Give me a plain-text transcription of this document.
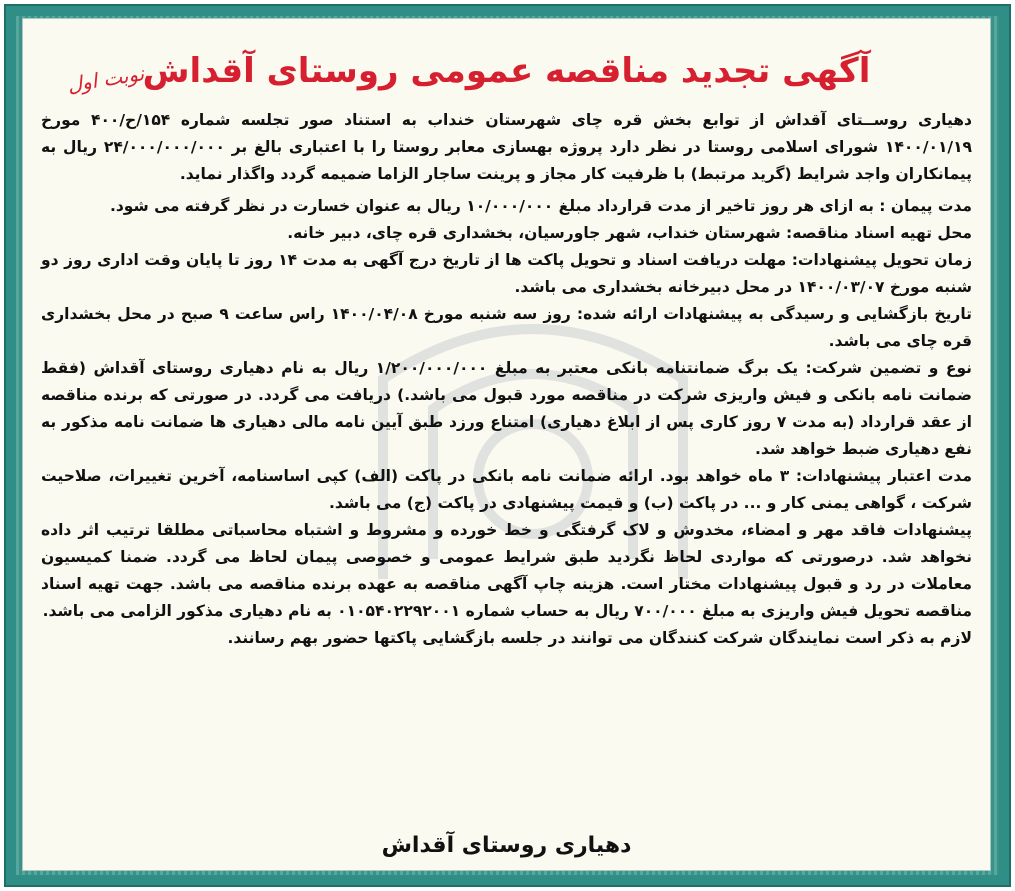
آگهی تجدید مناقصه عمومی روستای آقداش
نوبت اول

دهیاری روســتای آقداش از توابع بخش قره چای شهرستان خنداب به استناد صور تجلسه شماره ۱۵۴/ح/۴۰۰ مورخ ۱۴۰۰/۰۱/۱۹ شورای اسلامی روستا در نظر دارد پروژه بهسازی معابر روستا را با اعتباری بالغ بر ۲۴/۰۰۰/۰۰۰/۰۰۰ ریال به پیمانکاران واجد شرایط (گرید مرتبط) با ظرفیت کار مجاز و پرینت ساجار الزاما ضمیمه گردد واگذار نماید.

مدت پیمان : به ازای هر روز تاخیر از مدت قرارداد مبلغ ۱۰/۰۰۰/۰۰۰ ریال به عنوان خسارت در نظر گرفته می شود.

محل تهیه اسناد مناقصه: شهرستان خنداب، شهر جاورسیان، بخشداری قره چای، دبیر خانه.

زمان تحویل پیشنهادات: مهلت دریافت اسناد و تحویل پاکت ها از تاریخ درج آگهی به مدت ۱۴ روز تا پایان وقت اداری روز دو شنبه مورخ ۱۴۰۰/۰۳/۰۷ در محل دبیرخانه بخشداری می باشد.

تاریخ بازگشایی و رسیدگی به پیشنهادات ارائه شده: روز سه شنبه مورخ ۱۴۰۰/۰۴/۰۸ راس ساعت ۹ صبح در محل بخشداری قره چای می باشد.

نوع و تضمین شرکت: یک برگ ضمانتنامه بانکی معتبر به مبلغ ۱/۲۰۰/۰۰۰/۰۰۰ ریال به نام دهیاری روستای آقداش (فقط ضمانت نامه بانکی و فیش واریزی شرکت در مناقصه مورد قبول می باشد.) دریافت می گردد. در صورتی که برنده مناقصه از عقد قرارداد (به مدت ۷ روز کاری پس از ابلاغ دهیاری) امتناع ورزد طبق آیین نامه مالی دهیاری ها ضمانت نامه مذکور به نفع دهیاری ضبط خواهد شد.

مدت اعتبار پیشنهادات: ۳ ماه خواهد بود. ارائه ضمانت نامه بانکی در پاکت (الف) کپی اساسنامه، آخرین تغییرات، صلاحیت شرکت ، گواهی یمنی کار و ... در پاکت (ب) و قیمت پیشنهادی در پاکت (ج) می باشد.

پیشنهادات فاقد مهر و امضاء، مخدوش و لاک گرفتگی و خط خورده و مشروط و اشتباه محاسباتی مطلقا ترتیب اثر داده نخواهد شد. درصورتی که مواردی لحاظ نگردید طبق شرایط عمومی و خصوصی پیمان لحاظ می گردد. ضمنا کمیسیون معاملات در رد و قبول پیشنهادات مختار است. هزینه چاپ آگهی مناقصه به عهده برنده مناقصه می باشد. جهت تهیه اسناد مناقصه تحویل فیش واریزی به مبلغ ۷۰۰/۰۰۰ ریال به حساب شماره ۰۱۰۵۴۰۲۲۹۲۰۰۱ به نام دهیاری مذکور الزامی می باشد.

لازم به ذکر است نمایندگان شرکت کنندگان می توانند در جلسه بازگشایی پاکتها حضور بهم رسانند.

دهیاری روستای آقداش
